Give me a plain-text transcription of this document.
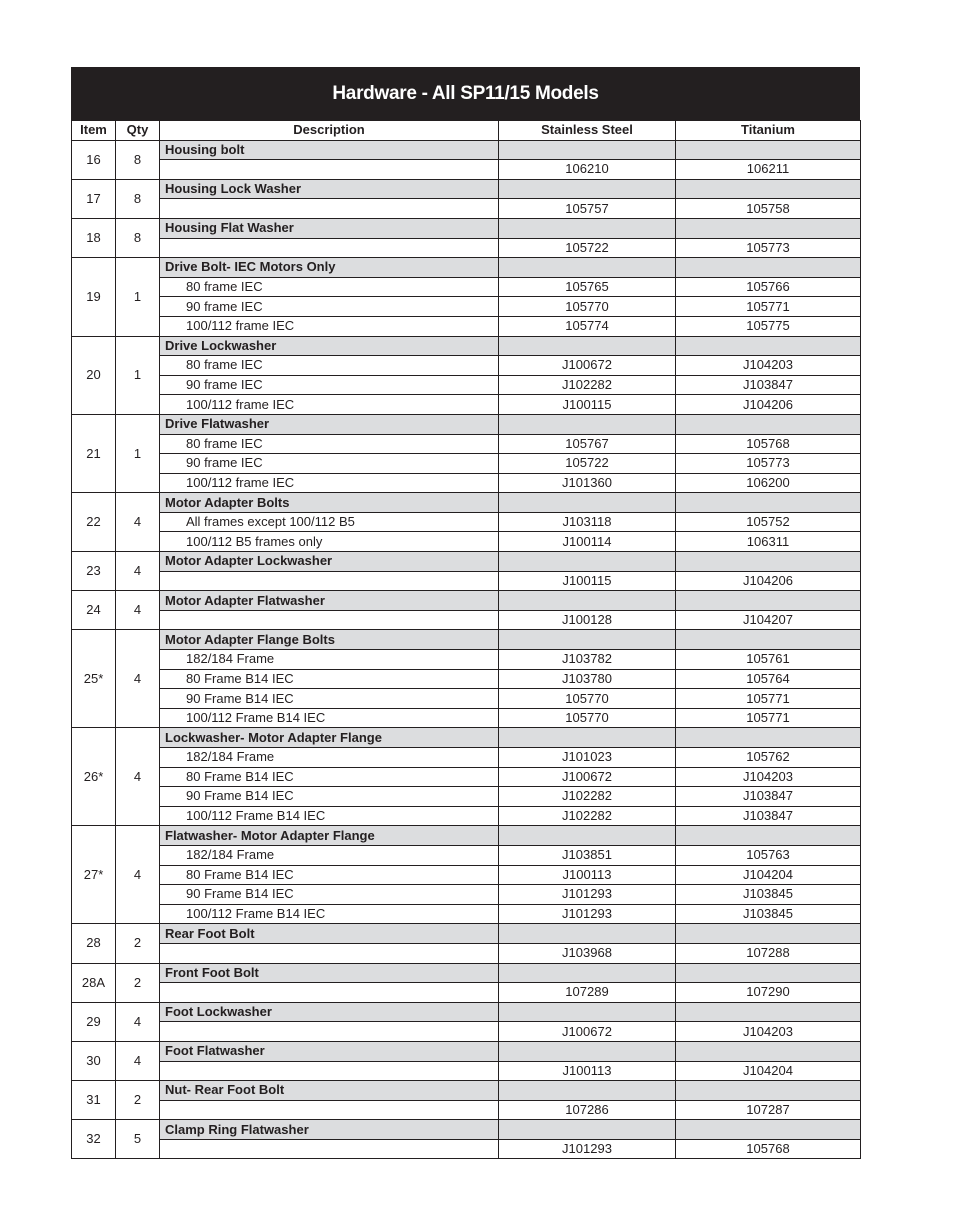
Hardware - All SP11/15 Models
Item	Qty	Description	Stainless Steel	Titanium
16	8	Housing bolt		
			106210	106211
17	8	Housing Lock Washer		
			105757	105758
18	8	Housing Flat Washer		
			105722	105773
19	1	Drive Bolt- IEC Motors Only		
		80 frame IEC	105765	105766
		90 frame IEC	105770	105771
		100/112 frame IEC	105774	105775
20	1	Drive Lockwasher		
		80 frame IEC	J100672	J104203
		90 frame IEC	J102282	J103847
		100/112 frame IEC	J100115	J104206
21	1	Drive Flatwasher		
		80 frame IEC	105767	105768
		90 frame IEC	105722	105773
		100/112 frame IEC	J101360	106200
22	4	Motor Adapter Bolts		
		All frames except 100/112 B5	J103118	105752
		100/112 B5 frames only	J100114	106311
23	4	Motor Adapter Lockwasher		
			J100115	J104206
24	4	Motor Adapter Flatwasher		
			J100128	J104207
25*	4	Motor Adapter Flange Bolts		
		182/184 Frame	J103782	105761
		80 Frame B14 IEC	J103780	105764
		90 Frame B14 IEC	105770	105771
		100/112 Frame B14 IEC	105770	105771
26*	4	Lockwasher- Motor Adapter Flange		
		182/184 Frame	J101023	105762
		80 Frame B14 IEC	J100672	J104203
		90 Frame B14 IEC	J102282	J103847
		100/112 Frame B14 IEC	J102282	J103847
27*	4	Flatwasher- Motor Adapter Flange		
		182/184 Frame	J103851	105763
		80 Frame B14 IEC	J100113	J104204
		90 Frame B14 IEC	J101293	J103845
		100/112 Frame B14 IEC	J101293	J103845
28	2	Rear Foot Bolt		
			J103968	107288
28A	2	Front Foot Bolt		
			107289	107290
29	4	Foot Lockwasher		
			J100672	J104203
30	4	Foot Flatwasher		
			J100113	J104204
31	2	Nut- Rear Foot Bolt		
			107286	107287
32	5	Clamp Ring Flatwasher		
			J101293	105768
